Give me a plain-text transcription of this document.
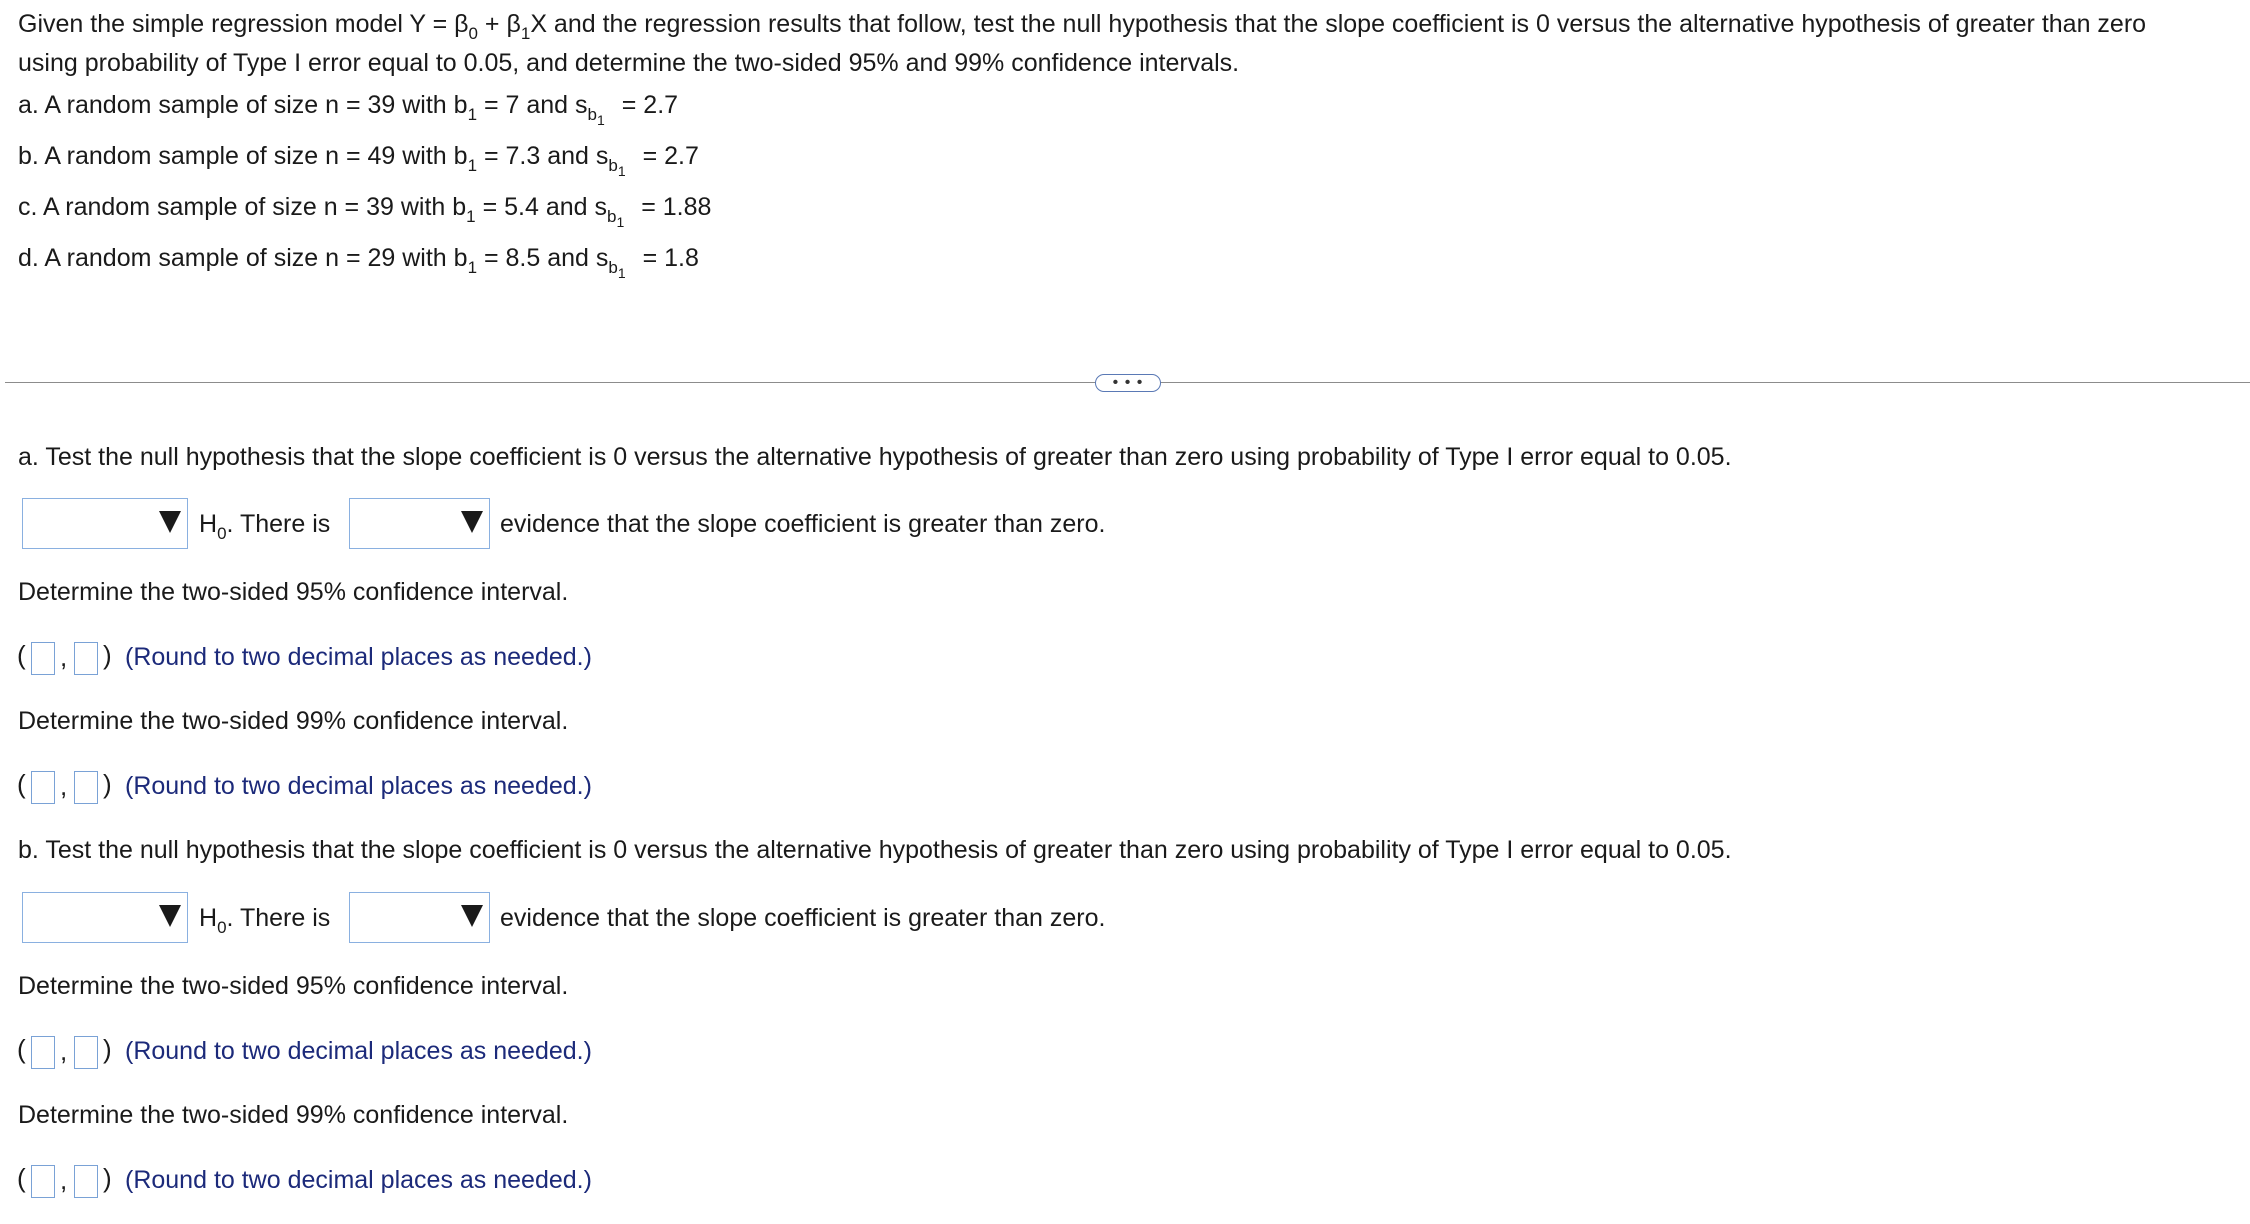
Given the simple regression model $Y = \beta_0 + \beta_1X$ and the regression results that follow, test the null hypothesis that the slope coefficient is 0 versus the alternative hypothesis of greater than zero
using probability of Type I error equal to 0.05, and determine the two-sided 95% and 99% confidence intervals.
a. A random sample of size n = 39 with $b_1 = 7$ and $s_{b_1} = 2.7$
b. A random sample of size n = 49 with $b_1 = 7.3$ and $s_{b_1} = 2.7$
c. A random sample of size n = 39 with $b_1 = 5.4$ and $s_{b_1} = 1.88$
d. A random sample of size n = 29 with $b_1 = 8.5$ and $s_{b_1} = 1.8$
• • •
a. Test the null hypothesis that the slope coefficient is 0 versus the alternative hypothesis of greater than zero using probability of Type I error equal to 0.05.
$H_0$. There is	evidence that the slope coefficient is greater than zero.
Determine the two-sided 95% confidence interval.
( , ) (Round to two decimal places as needed.)
Determine the two-sided 99% confidence interval.
( , ) (Round to two decimal places as needed.)
b. Test the null hypothesis that the slope coefficient is 0 versus the alternative hypothesis of greater than zero using probability of Type I error equal to 0.05.
$H_0$. There is	evidence that the slope coefficient is greater than zero.
Determine the two-sided 95% confidence interval.
( , ) (Round to two decimal places as needed.)
Determine the two-sided 99% confidence interval.
( , ) (Round to two decimal places as needed.)
